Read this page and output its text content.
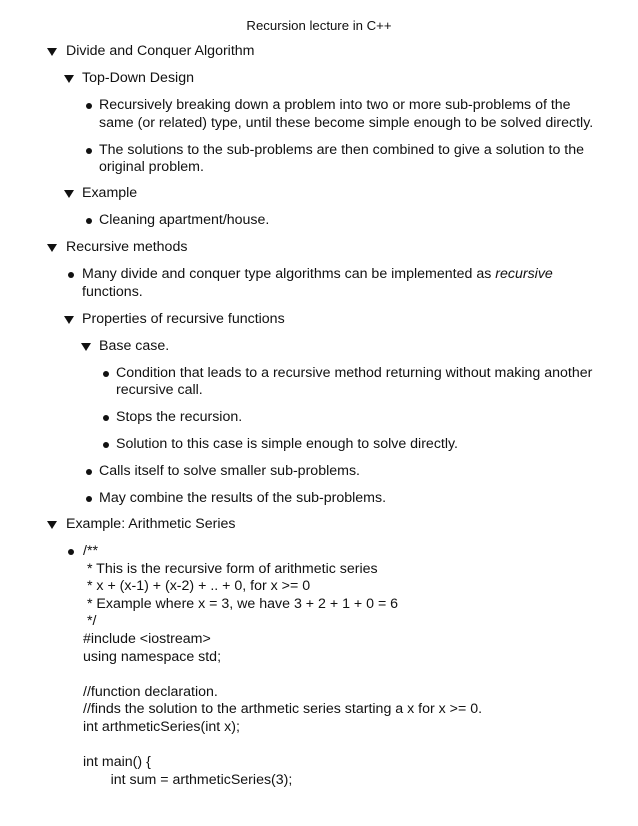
Recursion lecture in C++
Divide and Conquer Algorithm
Top-Down Design
Recursively breaking down a problem into two or more sub-problems of the
same (or related) type, until these become simple enough to be solved directly.
The solutions to the sub-problems are then combined to give a solution to the
original problem.
Example
Cleaning apartment/house.
Recursive methods
Many divide and conquer type algorithms can be implemented as recursive
functions.
Properties of recursive functions
Base case.
Condition that leads to a recursive method returning without making another
recursive call.
Stops the recursion.
Solution to this case is simple enough to solve directly.
Calls itself to solve smaller sub-problems.
May combine the results of the sub-problems.
Example: Arithmetic Series
/**
* This is the recursive form of arithmetic series
* x + (x-1) + (x-2) + .. + 0, for x >= 0
* Example where x = 3, we have 3 + 2 + 1 + 0 = 6
*/
#include <iostream>
using namespace std;
//function declaration.
//finds the solution to the arthmetic series starting a x for x >= 0.
int arthmeticSeries(int x);
int main() {
int sum = arthmeticSeries(3);
